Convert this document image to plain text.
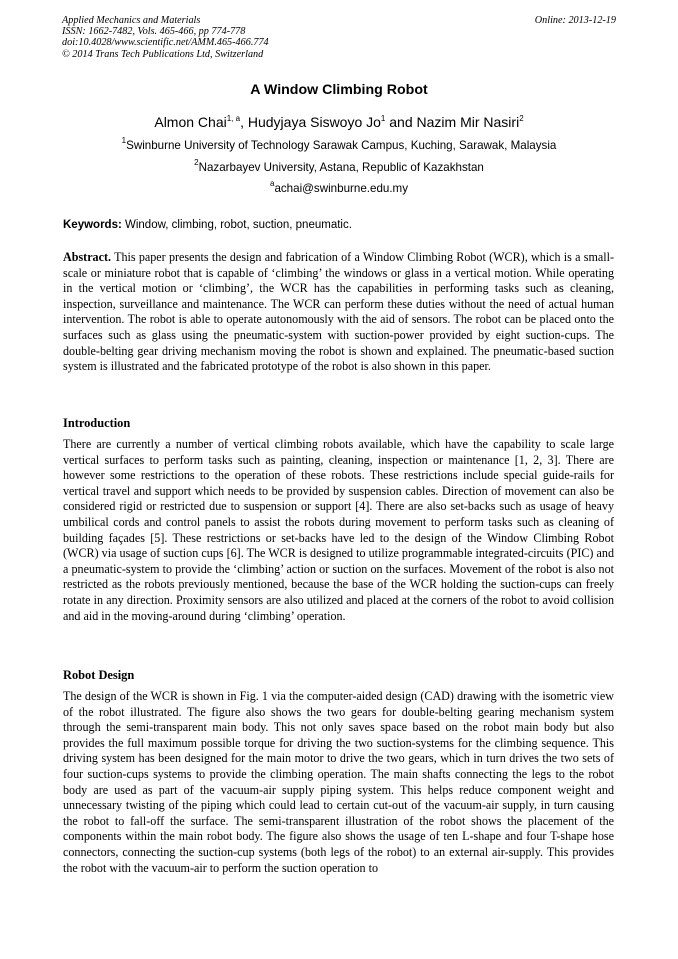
Applied Mechanics and Materials
ISSN: 1662-7482, Vols. 465-466, pp 774-778
doi:10.4028/www.scientific.net/AMM.465-466.774
© 2014 Trans Tech Publications Ltd, Switzerland
Online: 2013-12-19
A Window Climbing Robot
Almon Chai$^{1, a}$, Hudyjaya Siswoyo Jo$^1$ and Nazim Mir Nasiri$^2$
$^1$Swinburne University of Technology Sarawak Campus, Kuching, Sarawak, Malaysia
$^2$Nazarbayev University, Astana, Republic of Kazakhstan
$^a$achai@swinburne.edu.my
Keywords: Window, climbing, robot, suction, pneumatic.
Abstract. This paper presents the design and fabrication of a Window Climbing Robot (WCR), which is a small-scale or miniature robot that is capable of ‘climbing’ the windows or glass in a vertical motion. While operating in the vertical motion or ‘climbing’, the WCR has the capabilities in performing tasks such as cleaning, inspection, surveillance and maintenance. The WCR can perform these duties without the need of actual human intervention. The robot is able to operate autonomously with the aid of sensors. The robot can be placed onto the surfaces such as glass using the pneumatic-system with suction-power provided by eight suction-cups. The double-belting gear driving mechanism moving the robot is shown and explained. The pneumatic-based suction system is illustrated and the fabricated prototype of the robot is also shown in this paper.
Introduction
There are currently a number of vertical climbing robots available, which have the capability to scale large vertical surfaces to perform tasks such as painting, cleaning, inspection or maintenance [1, 2, 3]. There are however some restrictions to the operation of these robots. These restrictions include special guide-rails for vertical travel and support which needs to be provided by suspension cables. Direction of movement can also be considered rigid or restricted due to suspension or support [4]. There are also set-backs such as usage of heavy umbilical cords and control panels to assist the robots during movement to perform tasks such as cleaning of building façades [5]. These restrictions or set-backs have led to the design of the Window Climbing Robot (WCR) via usage of suction cups [6]. The WCR is designed to utilize programmable integrated-circuits (PIC) and a pneumatic-system to provide the ‘climbing’ action or suction on the surfaces. Movement of the robot is also not restricted as the robots previously mentioned, because the base of the WCR holding the suction-cups can freely rotate in any direction. Proximity sensors are also utilized and placed at the corners of the robot to avoid collision and aid in the moving-around during ‘climbing’ operation.
Robot Design
The design of the WCR is shown in Fig. 1 via the computer-aided design (CAD) drawing with the isometric view of the robot illustrated. The figure also shows the two gears for double-belting gearing mechanism system through the semi-transparent main body. This not only saves space based on the robot main body but also provides the full maximum possible torque for driving the two suction-systems for the climbing sequence. This driving system has been designed for the main motor to drive the two gears, which in turn drives the two sets of four suction-cups systems to provide the climbing operation. The main shafts connecting the legs to the robot body are used as part of the vacuum-air supply piping system. This helps reduce component weight and unnecessary twisting of the piping which could lead to certain cut-out of the vacuum-air supply, in turn causing the robot to fall-off the surface. The semi-transparent illustration of the robot shows the placement of the components within the main robot body. The figure also shows the usage of ten L-shape and four T-shape hose connectors, connecting the suction-cup systems (both legs of the robot) to an external air-supply. This provides the robot with the vacuum-air to perform the suction operation to
